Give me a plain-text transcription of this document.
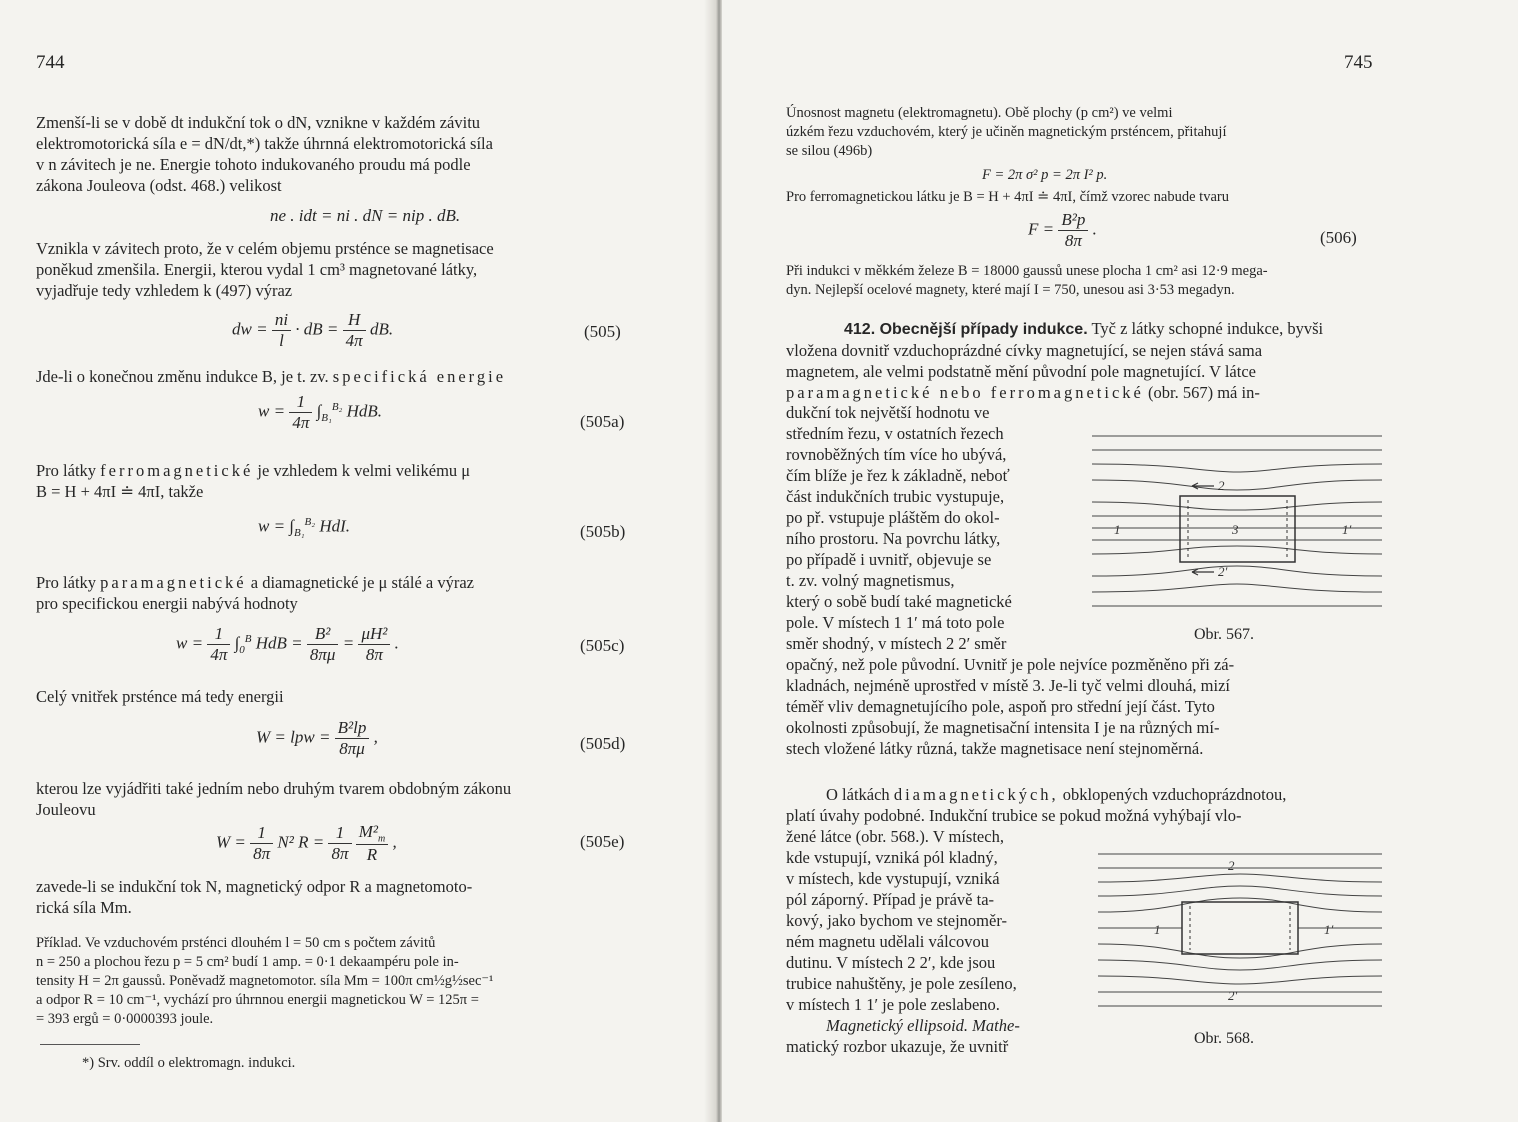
744
Zmenší-li se v době dt indukční tok o dN, vznikne v každém závitu
elektromotorická síla e = dN/dt,*) takže úhrnná elektromotorická síla
v n závitech je ne. Energie tohoto indukovaného proudu má podle
zákona Jouleova (odst. 468.) velikost
ne . idt = ni . dN = nip . dB.
Vznikla v závitech proto, že v celém objemu prsténce se magnetisace
poněkud zmenšila. Energii, kterou vydal 1 cm³ magnetované látky,
vyjadřuje tedy vzhledem k (497) výraz
dw = $\frac{ni}{l}$ · dB = $\frac{H}{4\pi}$ dB.	(505)
Jde-li o konečnou změnu indukce B, je t. zv. specifická energie
$w = \frac{1}{4\pi} \int_{B_1}^{B_2}$ HdB.
(505a)
Pro látky ferromagnetické je vzhledem k velmi velikému μ
B = H + 4πI ≐ 4πI, takže
$w = \int_{B_1}^{B_2}$ HdI.	(505b)
Pro látky paramagnetické a diamagnetické je μ stálé a výraz
pro specifickou energii nabývá hodnoty
$w = \frac{1}{4\pi} \int_0^B$ HdB = $\frac{\text{B²}}{8\pi\mu} = \frac{\text{μH²}}{8\pi}$ .	(505c)
Celý vnitřek prsténce má tedy energii
W = lpw = $\frac{\text{B²lp}}{8\pi\mu}$ ,	(505d)
kterou lze vyjádřiti také jedním nebo druhým tvarem obdobným zákonu
Jouleovu
$W = \frac{1}{8\pi} N^2$ $R = \frac{1}{8\pi}$
$\frac{M^2_m}{R}$ ,	(505e)
zavede-li se indukční tok N, magnetický odpor R a magnetomoto-
rická síla Mm.
Příklad. Ve vzduchovém prsténci dlouhém l = 50 cm s počtem závitů
n = 250 a plochou řezu p = 5 cm² budí 1 amp. = 0·1 dekaampéru pole in-
tensity H = 2π gaussů. Poněvadž magnetomotor. síla Mm = 100π cm½g½sec⁻¹
a odpor R = 10 cm⁻¹, vychází pro úhrnnou energii magnetickou W = 125π =
= 393 ergů = 0·0000393 joule.
*) Srv. oddíl o elektromagn. indukci.
745
Únosnost magnetu (elektromagnetu). Obě plochy (p cm²) ve velmi
úzkém řezu vzduchovém, který je učiněn magnetickým prsténcem, přitahují
se silou (496b)
F = 2π σ² p = 2π I² p.
Pro ferromagnetickou látku je B = H + 4πI ≐ 4πI, čímž vzorec nabude tvaru
$F = \frac{\text{B²p}}{8\pi}$ .	(506)
Při indukci v měkkém železe B = 18000 gaussů unese plocha 1 cm² asi 12·9 mega-
dyn. Nejlepší ocelové magnety, které mají I = 750, unesou asi 3·53 megadyn.
412. Obecnější případy indukce. Tyč z látky schopné indukce, byvši
vložena dovnitř vzduchoprázdné cívky magnetující, se nejen stává sama
magnetem, ale velmi podstatně mění původní pole magnetující. V látce
paramagnetické nebo ferromagnetické (obr. 567) má in-
dukční tok největší hodnotu ve
středním řezu, v ostatních řezech
rovnoběžných tím více ho ubývá,
čím blíže je řez k základně, neboť
část indukčních trubic vystupuje,
po př. vstupuje pláštěm do okol-
ního prostoru. Na povrchu látky,
po případě i uvnitř, objevuje se
t. zv. volný magnetismus,
který o sobě budí také magnetické
pole. V místech 1 1′ má toto pole
směr shodný, v místech 2 2′ směr
2
3
1
2′
1′
Obr. 567.
opačný, než pole původní. Uvnitř je pole nejvíce pozměněno při zá-
kladnách, nejméně uprostřed v místě 3. Je-li tyč velmi dlouhá, mizí
téměř vliv demagnetujícího pole, aspoň pro střední její část. Tyto
okolnosti způsobují, že magnetisační intensita I je na různých mí-
stech vložené látky různá, takže magnetisace není stejnoměrná.
O látkách diamagnetických, obklopených vzduchoprázdnotou,
platí úvahy podobné. Indukční trubice se pokud možná vyhýbají vlo-
žené látce (obr. 568.). V místech,
kde vstupují, vzniká pól kladný,
v místech, kde vystupují, vzniká
pól záporný. Případ je právě ta-
kový, jako bychom ve stejnoměr-
ném magnetu udělali válcovou
dutinu. V místech 2 2′, kde jsou
trubice nahuštěny, je pole zesíleno,
v místech 1 1′ je pole zeslabeno.
2
1	1′
2′
Obr. 568.
Magnetický ellipsoid. Mathe-
matický rozbor ukazuje, že uvnitř
